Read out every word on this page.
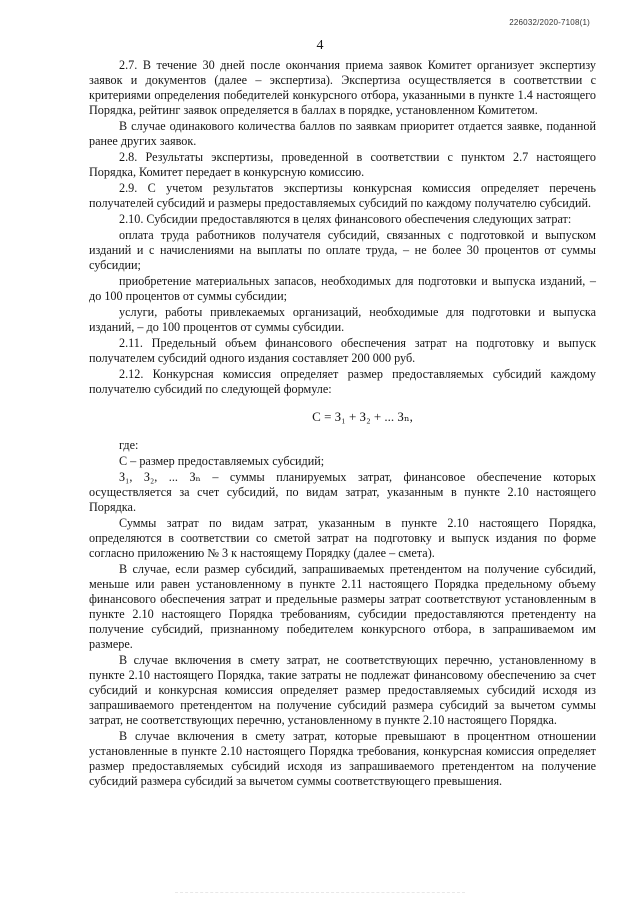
226032/2020-7108(1)
4

2.7. В течение 30 дней после окончания приема заявок Комитет организует экспертизу заявок и документов (далее – экспертиза). Экспертиза осуществляется в соответствии с критериями определения победителей конкурсного отбора, указанными в пункте 1.4 настоящего Порядка, рейтинг заявок определяется в баллах в порядке, установленном Комитетом.

В случае одинакового количества баллов по заявкам приоритет отдается заявке, поданной ранее других заявок.

2.8. Результаты экспертизы, проведенной в соответствии с пунктом 2.7 настоящего Порядка, Комитет передает в конкурсную комиссию.

2.9. С учетом результатов экспертизы конкурсная комиссия определяет перечень получателей субсидий и размеры предоставляемых субсидий по каждому получателю субсидий.

2.10. Субсидии предоставляются в целях финансового обеспечения следующих затрат:

оплата труда работников получателя субсидий, связанных с подготовкой и выпуском изданий и с начислениями на выплаты по оплате труда, – не более 30 процентов от суммы субсидии;

приобретение материальных запасов, необходимых для подготовки и выпуска изданий, – до 100 процентов от суммы субсидии;

услуги, работы привлекаемых организаций, необходимые для подготовки и выпуска изданий, – до 100 процентов от суммы субсидии.

2.11. Предельный объем финансового обеспечения затрат на подготовку и выпуск получателем субсидий одного издания составляет 200 000 руб.

2.12. Конкурсная комиссия определяет размер предоставляемых субсидий каждому получателю субсидий по следующей формуле:

С = З₁ + З₂ + ... Зₙ,

где:

С – размер предоставляемых субсидий;

З₁, З₂, ... Зₙ – суммы планируемых затрат, финансовое обеспечение которых осуществляется за счет субсидий, по видам затрат, указанным в пункте 2.10 настоящего Порядка.

Суммы затрат по видам затрат, указанным в пункте 2.10 настоящего Порядка, определяются в соответствии со сметой затрат на подготовку и выпуск издания по форме согласно приложению № 3 к настоящему Порядку (далее – смета).

В случае, если размер субсидий, запрашиваемых претендентом на получение субсидий, меньше или равен установленному в пункте 2.11 настоящего Порядка предельному объему финансового обеспечения затрат и предельные размеры затрат соответствуют установленным в пункте 2.10 настоящего Порядка требованиям, субсидии предоставляются претенденту на получение субсидий, признанному победителем конкурсного отбора, в запрашиваемом им размере.

В случае включения в смету затрат, не соответствующих перечню, установленному в пункте 2.10 настоящего Порядка, такие затраты не подлежат финансовому обеспечению за счет субсидий и конкурсная комиссия определяет размер предоставляемых субсидий исходя из запрашиваемого претендентом на получение субсидий размера субсидий за вычетом суммы затрат, не соответствующих перечню, установленному в пункте 2.10 настоящего Порядка.

В случае включения в смету затрат, которые превышают в процентном отношении установленные в пункте 2.10 настоящего Порядка требования, конкурсная комиссия определяет размер предоставляемых субсидий исходя из запрашиваемого претендентом на получение субсидий размера субсидий за вычетом суммы соответствующего превышения.
